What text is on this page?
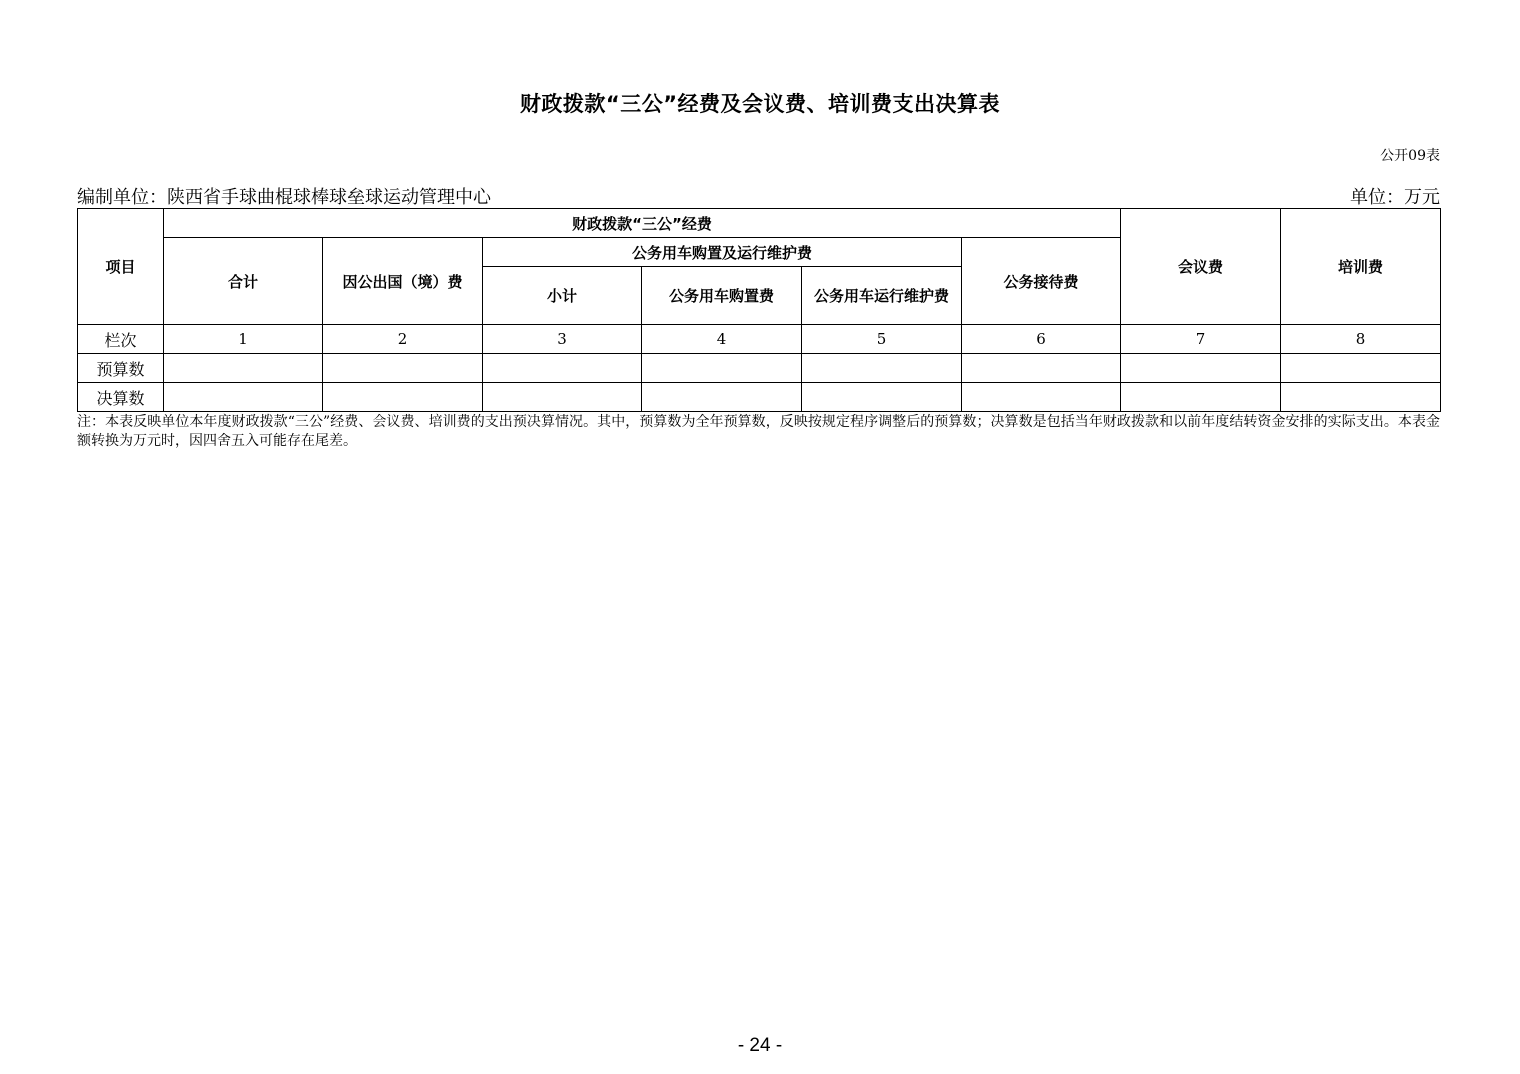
财政拨款“三公”经费及会议费、培训费支出决算表
公开09表
编制单位：陕西省手球曲棍球棒球垒球运动管理中心	单位：万元
项目	财政拨款“三公”经费						会议费	培训费
	合计	因公出国（境）费	公务用车购置及运行维护费			公务接待费		
			小计	公务用车购置费	公务用车运行维护费			
栏次	1	2	3	4	5	6	7	8
预算数								
决算数								
注：本表反映单位本年度财政拨款“三公”经费、会议费、培训费的支出预决算情况。其中，预算数为全年预算数，反映按规定程序调整后的预算数；决算数是包括当年财政拨款和以前年度结转资金安排的实际支出。本表金额转换为万元时，因四舍五入可能存在尾差。
- 24 -
